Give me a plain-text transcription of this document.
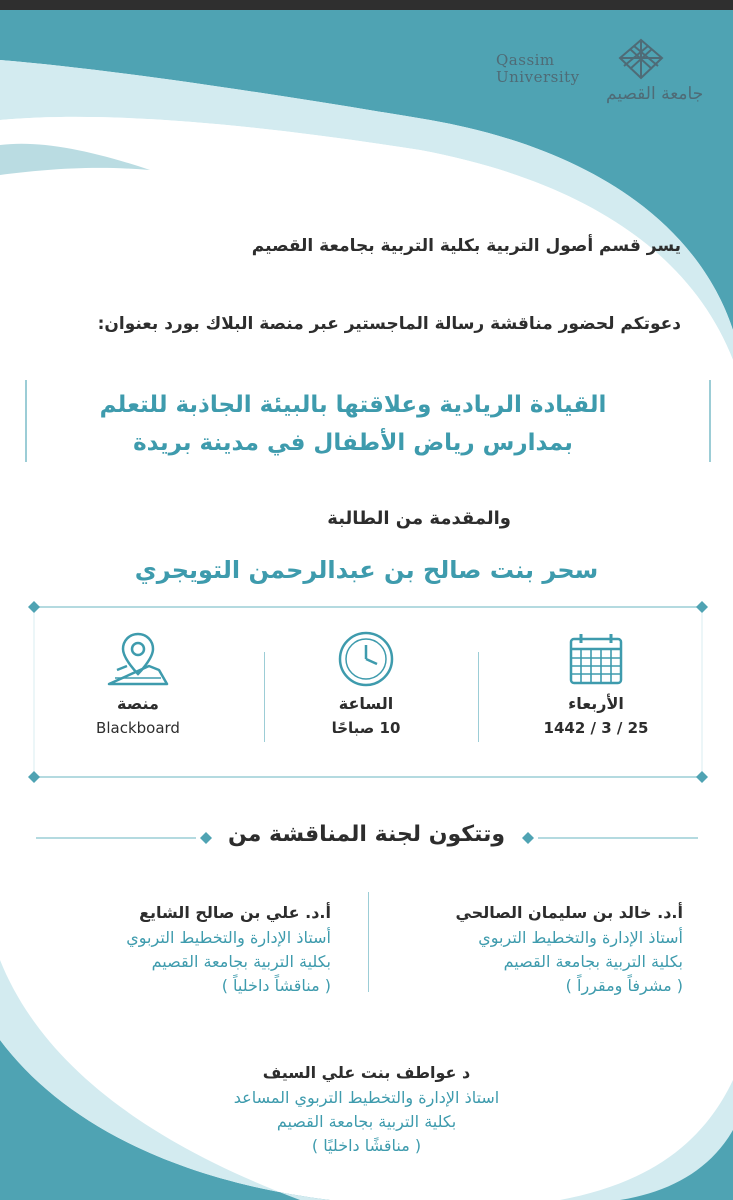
Qassim
University
جامعة القصيم
يسر قسم أصول التربية بكلية التربية بجامعة القصيم
دعوتكم لحضور مناقشة رسالة الماجستير عبر منصة البلاك بورد بعنوان:
القيادة الريادية وعلاقتها بالبيئة الجاذبة للتعلم
بمدارس رياض الأطفال في مدينة بريدة
والمقدمة من الطالبة
سحر بنت صالح بن عبدالرحمن التويجري
الأربعاء
1442 / 3 / 25
الساعة
10 صباحًا
منصة
Blackboard
وتتكون لجنة المناقشة من
أ.د. خالد بن سليمان الصالحي
أستاذ الإدارة والتخطيط التربوي
بكلية التربية بجامعة القصيم
( مشرفاً ومقرراً )
أ.د. علي بن صالح الشايع
أستاذ الإدارة والتخطيط التربوي
بكلية التربية بجامعة القصيم
( مناقشاً داخلياً )
د عواطف بنت علي السيف
استاذ الإدارة والتخطيط التربوي المساعد
بكلية التربية بجامعة القصيم
( مناقشًا داخليًا )
